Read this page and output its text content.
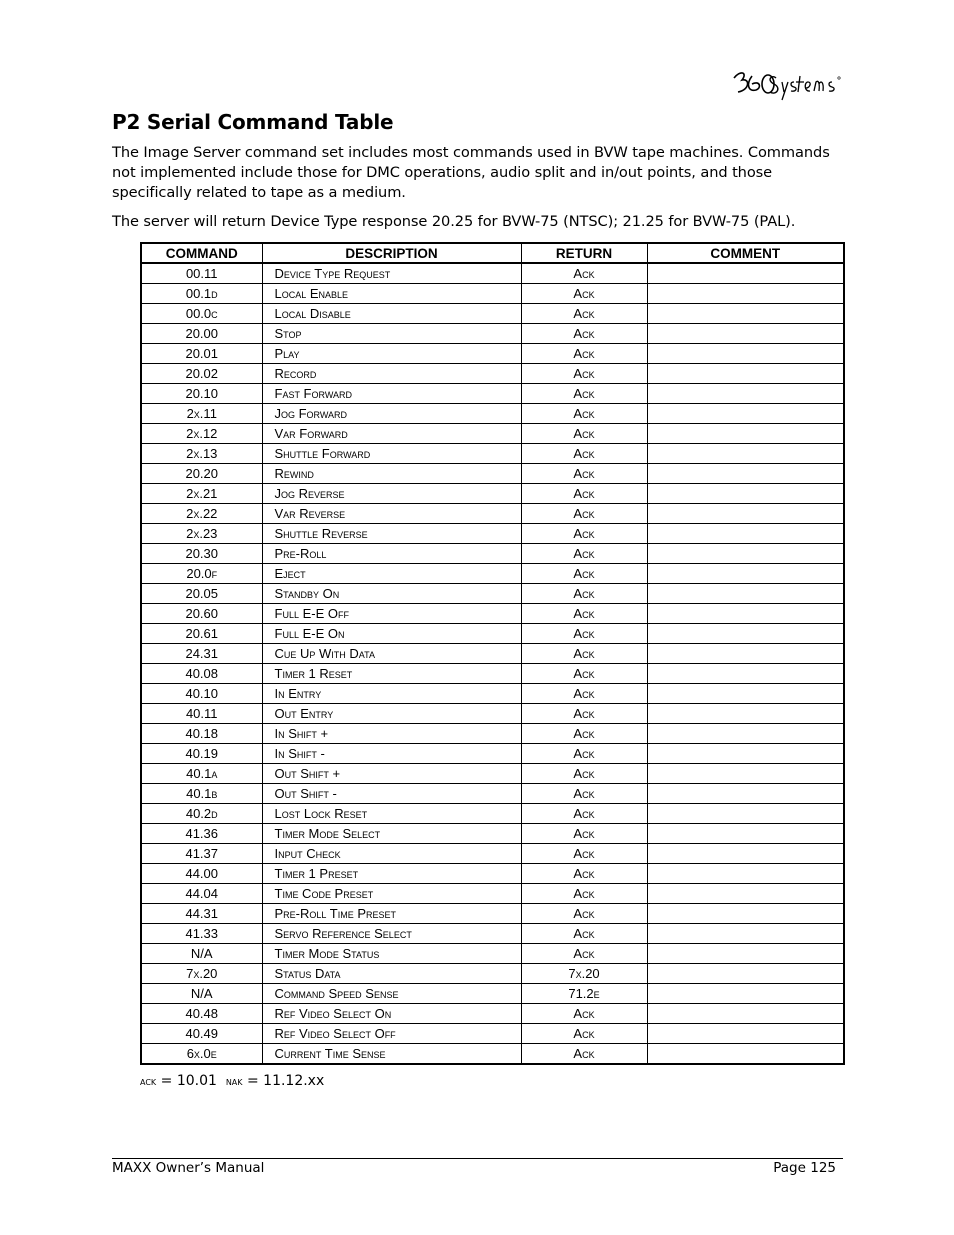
P2 Serial Command Table
The Image Server command set includes most commands used in BVW tape machines. Commands not implemented include those for DMC operations, audio split and in/out points, and those specifically related to tape as a medium.
The server will return Device Type response 20.25 for BVW-75 (NTSC); 21.25 for BVW-75 (PAL).
COMMAND	DESCRIPTION	RETURN	COMMENT
00.11	Device Type Request	Ack	
00.1d	Local Enable	Ack	
00.0c	Local Disable	Ack	
20.00	Stop	Ack	
20.01	Play	Ack	
20.02	Record	Ack	
20.10	Fast Forward	Ack	
2x.11	Jog Forward	Ack	
2x.12	Var Forward	Ack	
2x.13	Shuttle Forward	Ack	
20.20	Rewind	Ack	
2x.21	Jog Reverse	Ack	
2x.22	Var Reverse	Ack	
2x.23	Shuttle Reverse	Ack	
20.30	Pre-Roll	Ack	
20.0f	Eject	Ack	
20.05	Standby On	Ack	
20.60	Full E-E Off	Ack	
20.61	Full E-E On	Ack	
24.31	Cue Up With Data	Ack	
40.08	Timer 1 Reset	Ack	
40.10	In Entry	Ack	
40.11	Out Entry	Ack	
40.18	In Shift +	Ack	
40.19	In Shift -	Ack	
40.1a	Out Shift +	Ack	
40.1b	Out Shift -	Ack	
40.2d	Lost Lock Reset	Ack	
41.36	Timer Mode Select	Ack	
41.37	Input Check	Ack	
44.00	Timer 1 Preset	Ack	
44.04	Time Code Preset	Ack	
44.31	Pre-Roll Time Preset	Ack	
41.33	Servo Reference Select	Ack	
N/A	Timer Mode Status	Ack	
7x.20	Status Data	7x.20	
N/A	Command Speed Sense	71.2e	
40.48	Ref Video Select On	Ack	
40.49	Ref Video Select Off	Ack	
6x.0e	Current Time Sense	Ack	
ack = 10.01 nak = 11.12.xx
MAXX Owner’s Manual	Page 125
